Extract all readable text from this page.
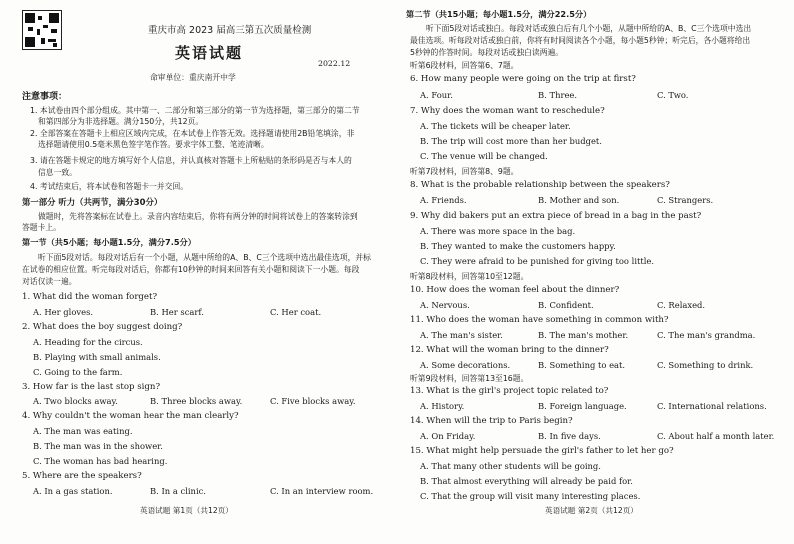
重庆市高 2023 届高三第五次质量检测
英语试题
2022.12
命审单位：重庆南开中学
注意事项：
1. 本试卷由四个部分组成。其中第一、二部分和第三部分的第一节为选择题，第三部分的第二节
和第四部分为非选择题。满分150分，共12页。
2. 全部答案在答题卡上相应区域内完成，在本试卷上作答无效。选择题请使用2B铅笔填涂，非
选择题请使用0.5毫米黑色签字笔作答。要求字体工整、笔迹清晰。
3. 请在答题卡规定的地方填写好个人信息，并认真核对答题卡上所粘贴的条形码是否与本人的
信息一致。
4. 考试结束后，将本试卷和答题卡一并交回。
第一部分 听力（共两节，满分30分）
做题时，先将答案标在试卷上。录音内容结束后，你将有两分钟的时间将试卷上的答案转涂到
答题卡上。
第一节（共5小题；每小题1.5分，满分7.5分）
听下面5段对话。每段对话后有一个小题，从题中所给的A、B、C三个选项中选出最佳选项，并标
在试卷的相应位置。听完每段对话后，你都有10秒钟的时间来回答有关小题和阅读下一小题。每段
对话仅读一遍。
1. What did the woman forget?
A. Her gloves.	B. Her scarf.	C. Her coat.
2. What does the boy suggest doing?
A. Heading for the circus.
B. Playing with small animals.
C. Going to the farm.
3. How far is the last stop sign?
A. Two blocks away.	B. Three blocks away.	C. Five blocks away.
4. Why couldn't the woman hear the man clearly?
A. The man was eating.
B. The man was in the shower.
C. The woman has bad hearing.
5. Where are the speakers?
A. In a gas station.	B. In a clinic.	C. In an interview room.
英语试题 第1页（共12页）
第二节（共15小题；每小题1.5分，满分22.5分）
听下面5段对话或独白。每段对话或独白后有几个小题，从题中所给的A、B、C三个选项中选出
最佳选项。听每段对话或独白前，你将有时间阅读各个小题，每小题5秒钟；听完后，各小题将给出
5秒钟的作答时间。每段对话或独白读两遍。
听第6段材料，回答第6、7题。
6. How many people were going on the trip at first?
A. Four.	B. Three.	C. Two.
7. Why does the woman want to reschedule?
A. The tickets will be cheaper later.
B. The trip will cost more than her budget.
C. The venue will be changed.
听第7段材料，回答第8、9题。
8. What is the probable relationship between the speakers?
A. Friends.	B. Mother and son.	C. Strangers.
9. Why did bakers put an extra piece of bread in a bag in the past?
A. There was more space in the bag.
B. They wanted to make the customers happy.
C. They were afraid to be punished for giving too little.
听第8段材料，回答第10至12题。
10. How does the woman feel about the dinner?
A. Nervous.	B. Confident.	C. Relaxed.
11. Who does the woman have something in common with?
A. The man's sister.	B. The man's mother.	C. The man's grandma.
12. What will the woman bring to the dinner?
A. Some decorations.	B. Something to eat.	C. Something to drink.
听第9段材料，回答第13至16题。
13. What is the girl's project topic related to?
A. History.	B. Foreign language.	C. International relations.
14. When will the trip to Paris begin?
A. On Friday.	B. In five days.	C. About half a month later.
15. What might help persuade the girl's father to let her go?
A. That many other students will be going.
B. That almost everything will already be paid for.
C. That the group will visit many interesting places.
英语试题 第2页（共12页）
